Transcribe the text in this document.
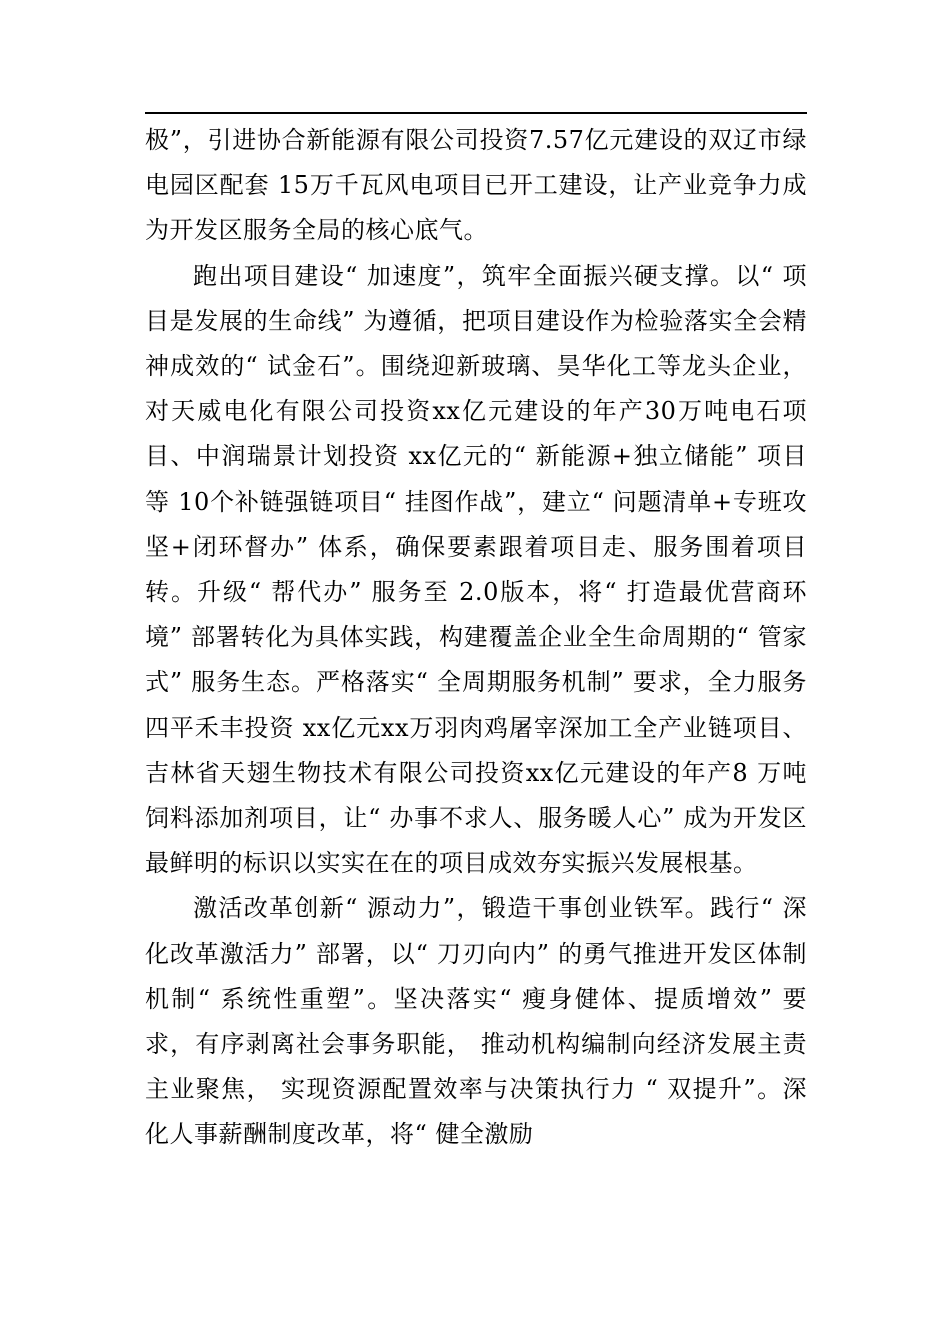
极”，引进协合新能源有限公司投资7.57亿元建设的双辽市绿电园区配套 15万千瓦风电项目已开工建设，让产业竞争力成为开发区服务全局的核心底气。

跑出项目建设“ 加速度”，筑牢全面振兴硬支撑。以“ 项目是发展的生命线” 为遵循，把项目建设作为检验落实全会精神成效的“ 试金石”。围绕迎新玻璃、昊华化工等龙头企业，对天威电化有限公司投资xx亿元建设的年产30万吨电石项目、中润瑞景计划投资 xx亿元的“ 新能源+独立储能” 项目等 10个补链强链项目“ 挂图作战”，建立“ 问题清单+专班攻坚+闭环督办” 体系，确保要素跟着项目走、服务围着项目转。升级“ 帮代办” 服务至 2.0版本，将“ 打造最优营商环境” 部署转化为具体实践，构建覆盖企业全生命周期的“ 管家式” 服务生态。严格落实“ 全周期服务机制” 要求，全力服务四平禾丰投资 xx亿元xx万羽肉鸡屠宰深加工全产业链项目、吉林省天翅生物技术有限公司投资xx亿元建设的年产8 万吨饲料添加剂项目，让“ 办事不求人、服务暖人心” 成为开发区最鲜明的标识以实实在在的项目成效夯实振兴发展根基。

激活改革创新“ 源动力”，锻造干事创业铁军。践行“ 深化改革激活力” 部署，以“ 刀刃向内” 的勇气推进开发区体制机制“ 系统性重塑”。坚决落实“ 瘦身健体、提质增效” 要求，有序剥离社会事务职能， 推动机构编制向经济发展主责主业聚焦， 实现资源配置效率与决策执行力 “ 双提升”。深化人事薪酬制度改革，将“ 健全激励
